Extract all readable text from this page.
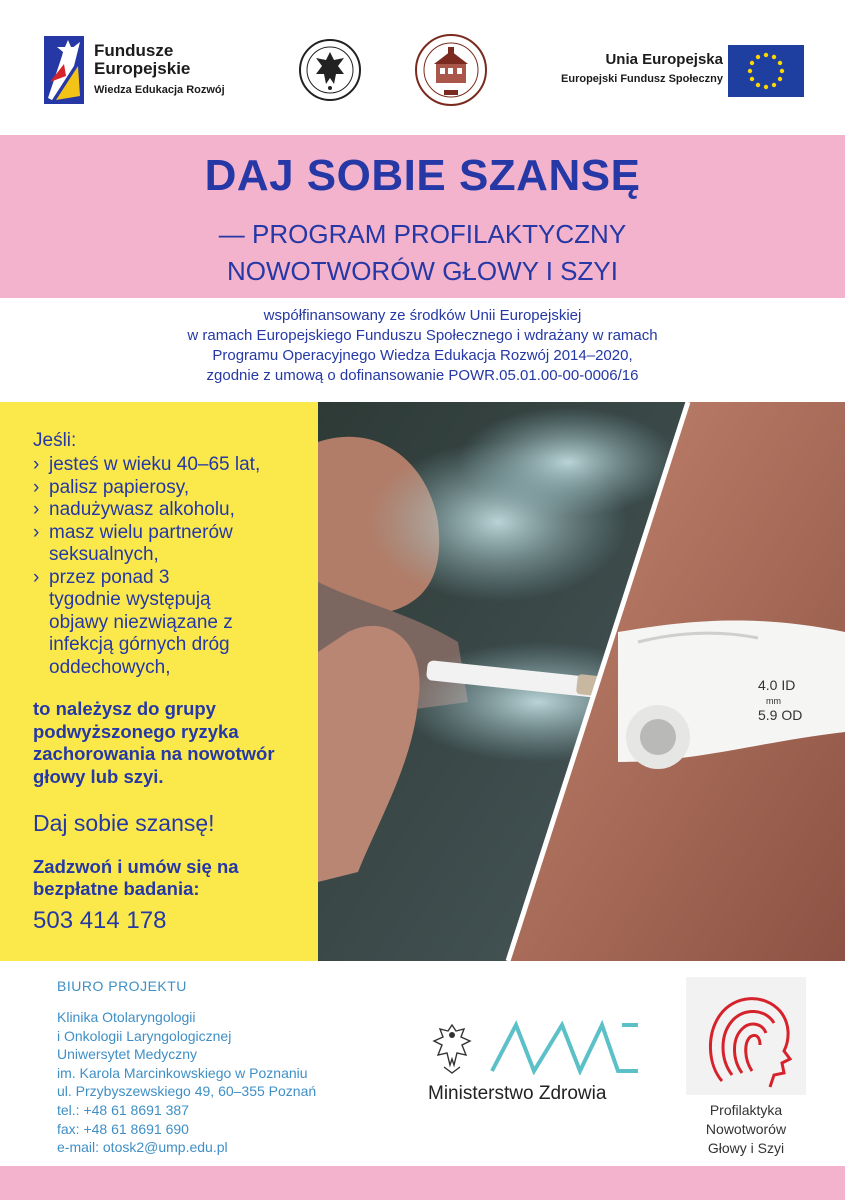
Fundusze
Europejskie
Wiedza Edukacja Rozwój
Unia Europejska
Europejski Fundusz Społeczny
DAJ SOBIE SZANSĘ
— PROGRAM PROFILAKTYCZNY
NOWOTWORÓW GŁOWY I SZYI
współfinansowany ze środków Unii Europejskiej
w ramach Europejskiego Funduszu Społecznego i wdrażany w ramach
Programu Operacyjnego Wiedza Edukacja Rozwój 2014–2020,
zgodnie z umową o dofinansowanie POWR.05.01.00-00-0006/16
Jeśli:
› jesteś w wieku 40–65 lat,
› palisz papierosy,
› nadużywasz alkoholu,
› masz wielu partnerów seksualnych,
› przez ponad 3 tygodnie występują objawy niezwiązane z infekcją górnych dróg oddechowych,

to należysz do grupy podwyższonego ryzyka zachorowania na nowotwór głowy lub szyi.

Daj sobie szansę!

Zadzwoń i umów się na bezpłatne badania:

503 414 178
4.0 ID
mm
5.9 OD
BIURO PROJEKTU
Klinika Otolaryngologii
i Onkologii Laryngologicznej
Uniwersytet Medyczny
im. Karola Marcinkowskiego w Poznaniu
ul. Przybyszewskiego 49, 60–355 Poznań
tel.: +48 61 8691 387
fax: +48 61 8691 690
e-mail: otosk2@ump.edu.pl
Ministerstwo Zdrowia
Profilaktyka
Nowotworów
Głowy i Szyi
